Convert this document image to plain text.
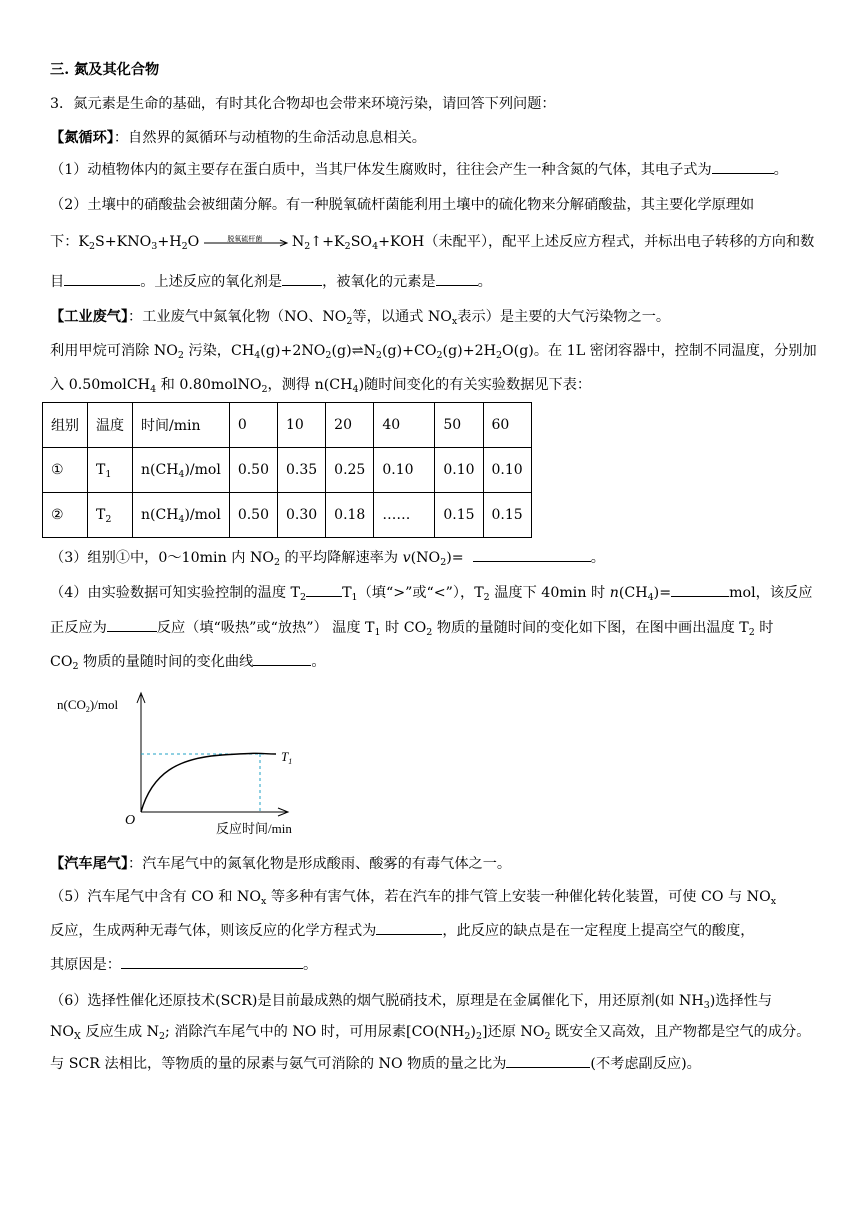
三. 氮及其化合物
3．氮元素是生命的基础，有时其化合物却也会带来环境污染，请回答下列问题：
【氮循环】：自然界的氮循环与动植物的生命活动息息相关。
（1）动植物体内的氮主要存在蛋白质中，当其尸体发生腐败时，往往会产生一种含氮的气体，其电子式为	。
（2）土壤中的硝酸盐会被细菌分解。有一种脱氧硫杆菌能利用土壤中的硫化物来分解硝酸盐，其主要化学原理如
下：$K_2S+KNO_3+H_2O$	脱氧硫杆菌	$N_2↑+K_2SO_4+KOH$（未配平），配平上述反应方程式，并标出电子转移的方向和数
目	。上述反应的氧化剂是	，被氧化的元素是	。
【工业废气】：工业废气中氮氧化物（NO、$NO_2$等，以通式 $NO_x$表示）是主要的大气污染物之一。
利用甲烷可消除 $NO_2$ 污染，$CH_4(g)+2NO_2(g)\rightleftharpoons N_2(g)+CO_2(g)+2H_2O(g)$。在 1L 密闭容器中，控制不同温度，分别加
入 0.50molCH$_4$ 和 0.80molNO$_2$，测得 $n(CH_4)$随时间变化的有关实验数据见下表：
组别	温度	时间/min	0	10	20	40	50	60
①	$T_1$	$n(CH_4)$/mol	0.50	0.35	0.25	0.10	0.10	0.10
②	$T_2$	$n(CH_4)$/mol	0.50	0.30	0.18	……	0.15	0.15
（3）组别①中，0～10min 内 $NO_2$ 的平均降解速率为 $v(NO_2)=$	。
（4）由实验数据可知实验控制的温度 $T_2$	$T_1$（填“>”或“<”），$T_2$ 温度下 40min 时 $n(CH_4)=$	mol，该反应
正反应为	反应（填“吸热”或“放热”） 温度 $T_1$ 时 $CO_2$ 物质的量随时间的变化如下图，在图中画出温度 $T_2$ 时
$CO_2$ 物质的量随时间的变化曲线	。
$n(CO_2)$/mol
$T_1$
O
反应时间/min
【汽车尾气】：汽车尾气中的氮氧化物是形成酸雨、酸雾的有毒气体之一。
（5）汽车尾气中含有 CO 和 $NO_x$ 等多种有害气体，若在汽车的排气管上安装一种催化转化装置，可使 CO 与 $NO_x$
反应，生成两种无毒气体，则该反应的化学方程式为	，此反应的缺点是在一定程度上提高空气的酸度，
其原因是：	。
（6）选择性催化还原技术(SCR)是目前最成熟的烟气脱硝技术，原理是在金属催化下，用还原剂(如 $NH_3$)选择性与
$NO_X$ 反应生成 $N_2$; 消除汽车尾气中的 NO 时，可用尿素$[CO(NH_2)_2]$还原 $NO_2$ 既安全又高效，且产物都是空气的成分。
与 SCR 法相比，等物质的量的尿素与氨气可消除的 NO 物质的量之比为	(不考虑副反应)。
